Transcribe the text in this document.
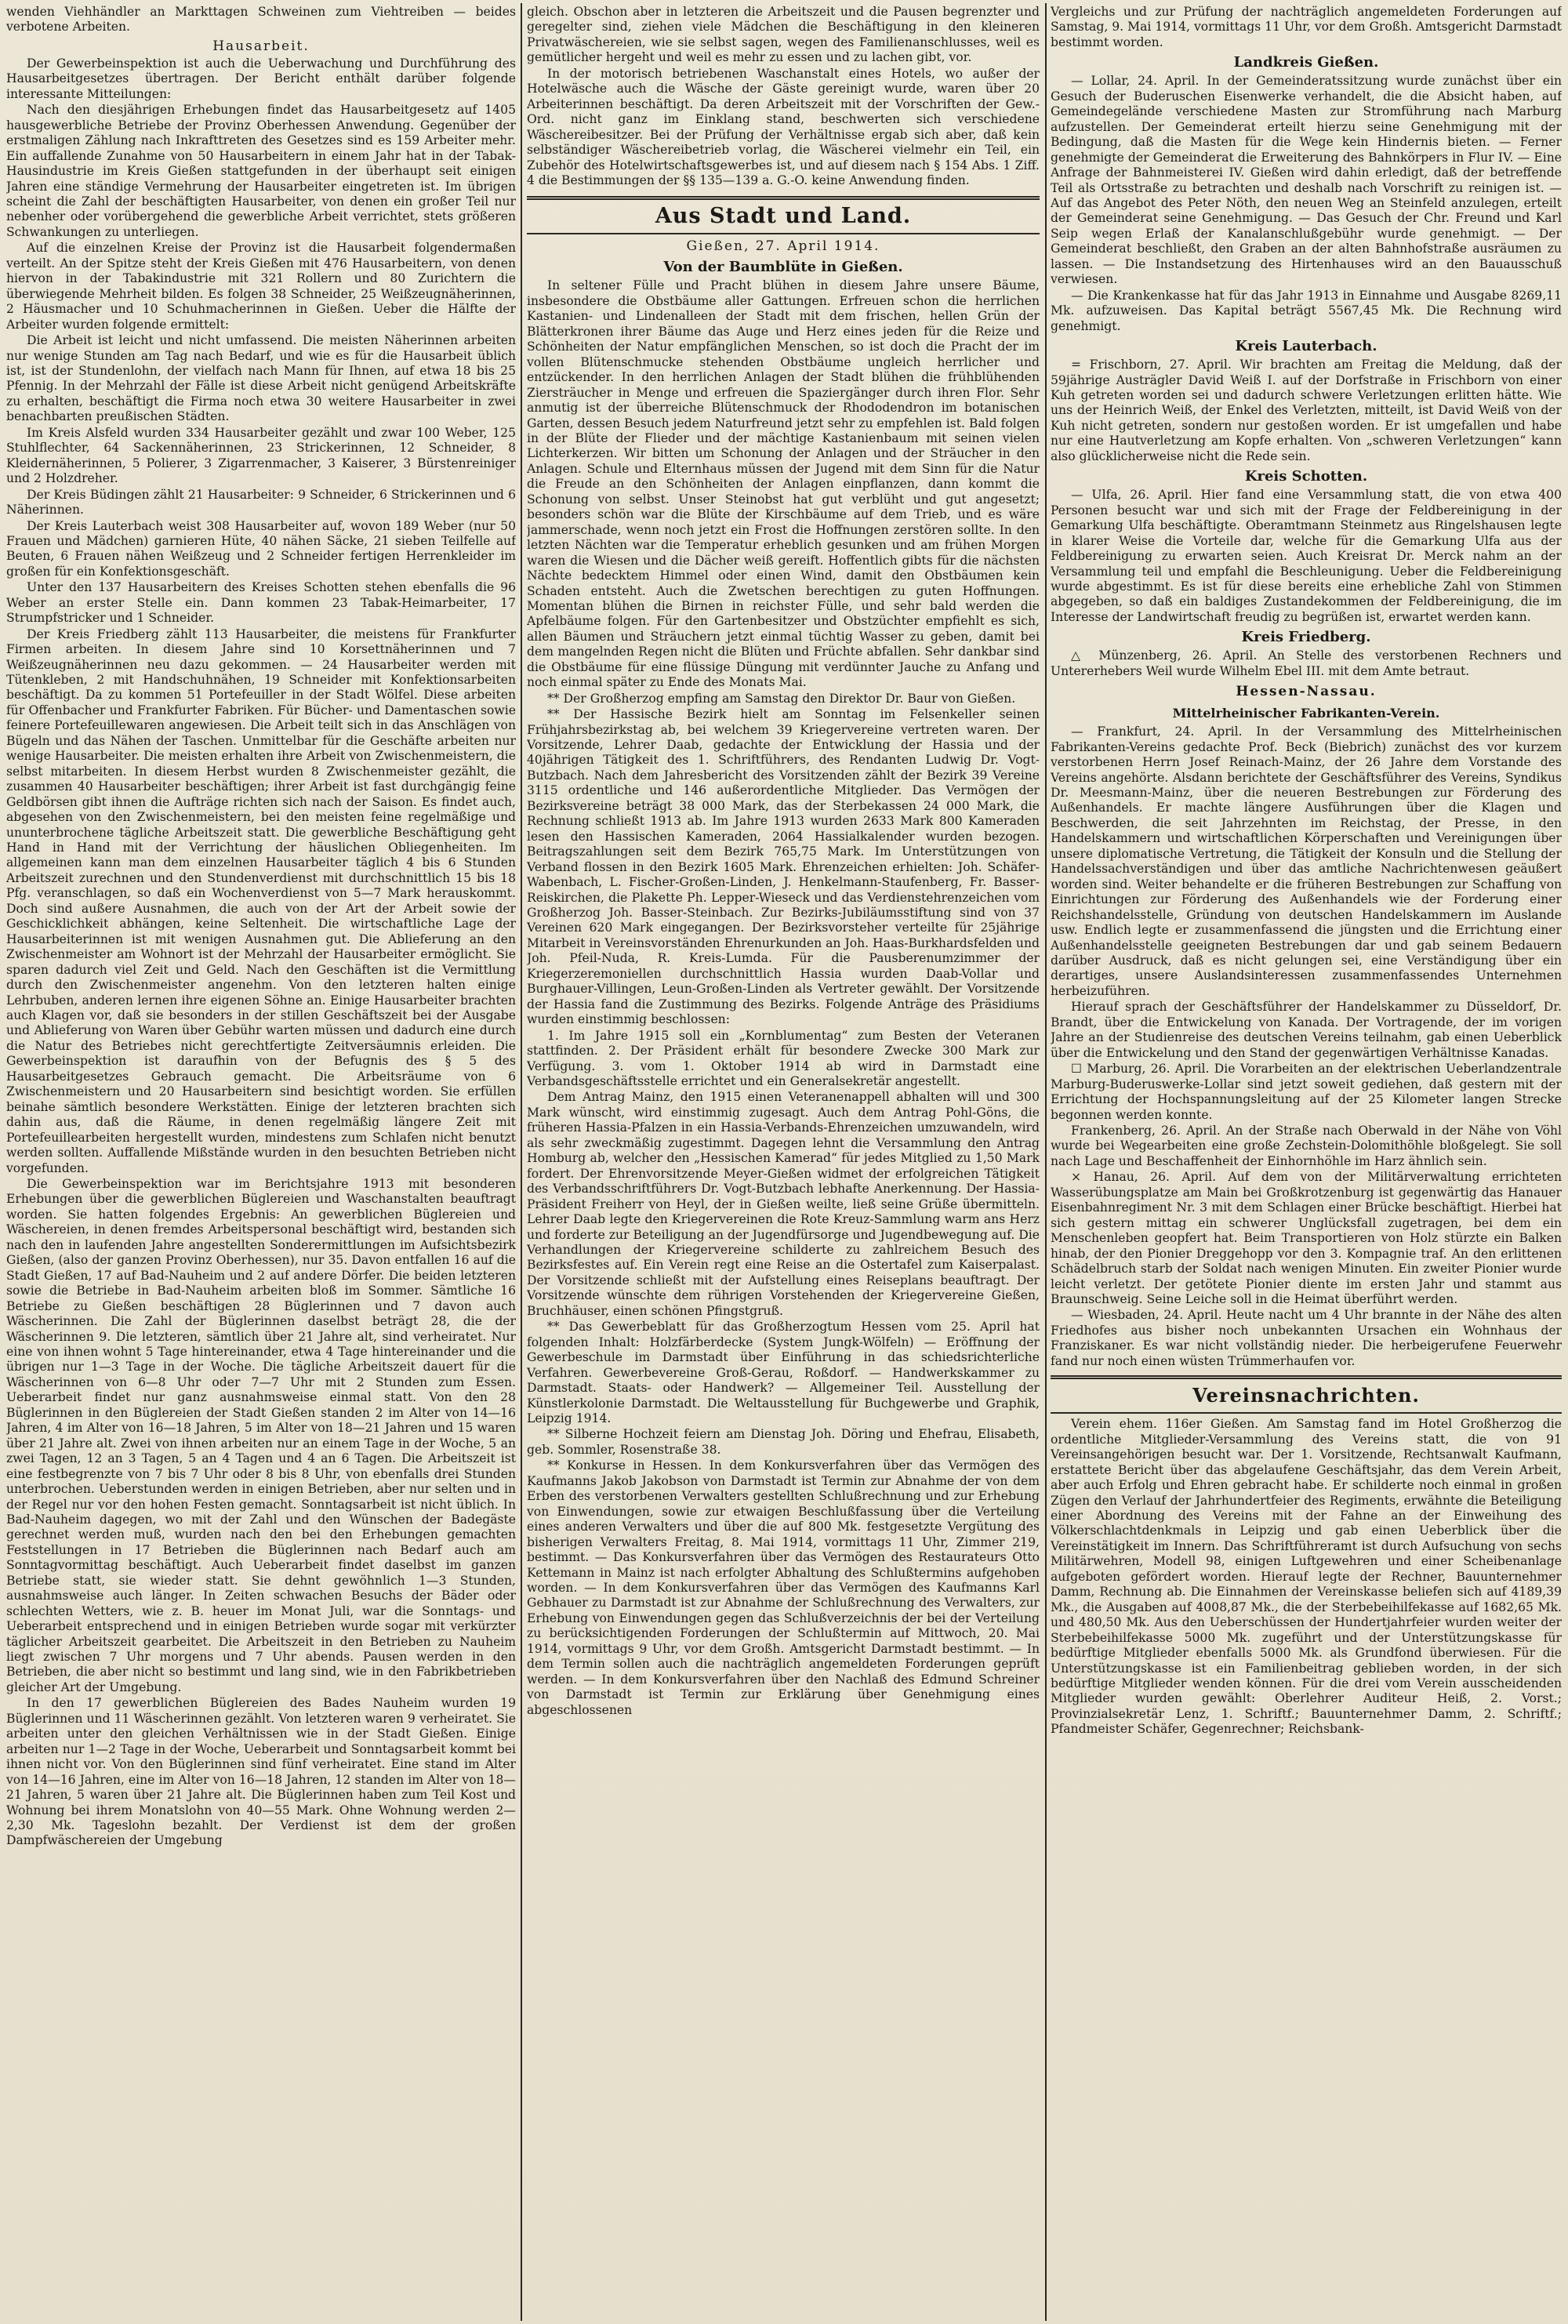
wenden Viehhändler an Markttagen Schweinen zum Viehtreiben — beides verbotene Arbeiten.

Hausarbeit.

Der Gewerbeinspektion ist auch die Ueberwachung und Durchführung des Hausarbeitgesetzes übertragen. Der Bericht enthält darüber folgende interessante Mitteilungen:

Nach den diesjährigen Erhebungen findet das Hausarbeitgesetz auf 1405 hausgewerbliche Betriebe der Provinz Oberhessen Anwendung. Gegenüber der erstmaligen Zählung nach Inkrafttreten des Gesetzes sind es 159 Arbeiter mehr. Ein auffallende Zunahme von 50 Hausarbeitern in einem Jahr hat in der Tabak-Hausindustrie im Kreis Gießen stattgefunden in der überhaupt seit einigen Jahren eine ständige Vermehrung der Hausarbeiter eingetreten ist. Im übrigen scheint die Zahl der beschäftigten Hausarbeiter, von denen ein großer Teil nur nebenher oder vorübergehend die gewerbliche Arbeit verrichtet, stets größeren Schwankungen zu unterliegen.

Auf die einzelnen Kreise der Provinz ist die Hausarbeit folgendermaßen verteilt. An der Spitze steht der Kreis Gießen mit 476 Hausarbeitern, von denen hiervon in der Tabakindustrie mit 321 Rollern und 80 Zurichtern die überwiegende Mehrheit bilden. Es folgen 38 Schneider, 25 Weißzeugnäherinnen, 2 Häusmacher und 10 Schuhmacherinnen in Gießen. Ueber die Hälfte der Arbeiter wurden folgende ermittelt:

Die Arbeit ist leicht und nicht umfassend. Die meisten Näherinnen arbeiten nur wenige Stunden am Tag nach Bedarf, und wie es für die Hausarbeit üblich ist, ist der Stundenlohn, der vielfach nach Mann für Ihnen, auf etwa 18 bis 25 Pfennig. In der Mehrzahl der Fälle ist diese Arbeit nicht genügend Arbeitskräfte zu erhalten, beschäftigt die Firma noch etwa 30 weitere Hausarbeiter in zwei benachbarten preußischen Städten.

Im Kreis Alsfeld wurden 334 Hausarbeiter gezählt und zwar 100 Weber, 125 Stuhlflechter, 64 Sackennäherinnen, 23 Strickerinnen, 12 Schneider, 8 Kleidernäherinnen, 5 Polierer, 3 Zigarrenmacher, 3 Kaiserer, 3 Bürstenreiniger und 2 Holzdreher.

Der Kreis Büdingen zählt 21 Hausarbeiter: 9 Schneider, 6 Strickerinnen und 6 Näherinnen.

Der Kreis Lauterbach weist 308 Hausarbeiter auf, wovon 189 Weber (nur 50 Frauen und Mädchen) garnieren Hüte, 40 nähen Säcke, 21 sieben Teilfelle auf Beuten, 6 Frauen nähen Weißzeug und 2 Schneider fertigen Herrenkleider im großen für ein Konfektionsgeschäft.

Unter den 137 Hausarbeitern des Kreises Schotten stehen ebenfalls die 96 Weber an erster Stelle ein. Dann kommen 23 Tabak-Heimarbeiter, 17 Strumpfstricker und 1 Schneider.

Der Kreis Friedberg zählt 113 Hausarbeiter, die meistens für Frankfurter Firmen arbeiten. In diesem Jahre sind 10 Korsettnäherinnen und 7 Weißzeugnäherinnen neu dazu gekommen. — 24 Hausarbeiter werden mit Tütenkleben, 2 mit Handschuhnähen, 19 Schneider mit Konfektionsarbeiten beschäftigt. Da zu kommen 51 Portefeuiller in der Stadt Wölfel. Diese arbeiten für Offenbacher und Frankfurter Fabriken. Für Bücher- und Damentaschen sowie feinere Portefeuillewaren angewiesen. Die Arbeit teilt sich in das Anschlägen von Bügeln und das Nähen der Taschen. Unmittelbar für die Geschäfte arbeiten nur wenige Hausarbeiter. Die meisten erhalten ihre Arbeit von Zwischenmeistern, die selbst mitarbeiten. In diesem Herbst wurden 8 Zwischenmeister gezählt, die zusammen 40 Hausarbeiter beschäftigen; ihrer Arbeit ist fast durchgängig feine Geldbörsen gibt ihnen die Aufträge richten sich nach der Saison. Es findet auch, abgesehen von den Zwischenmeistern, bei den meisten feine regelmäßige und ununterbrochene tägliche Arbeitszeit statt. Die gewerbliche Beschäftigung geht Hand in Hand mit der Verrichtung der häuslichen Obliegenheiten. Im allgemeinen kann man dem einzelnen Hausarbeiter täglich 4 bis 6 Stunden Arbeitszeit zurechnen und den Stundenverdienst mit durchschnittlich 15 bis 18 Pfg. veranschlagen, so daß ein Wochenverdienst von 5—7 Mark herauskommt. Doch sind außere Ausnahmen, die auch von der Art der Arbeit sowie der Geschicklichkeit abhängen, keine Seltenheit. Die wirtschaftliche Lage der Hausarbeiterinnen ist mit wenigen Ausnahmen gut. Die Ablieferung an den Zwischenmeister am Wohnort ist der Mehrzahl der Hausarbeiter ermöglicht. Sie sparen dadurch viel Zeit und Geld. Nach den Geschäften ist die Vermittlung durch den Zwischenmeister angenehm. Von den letzteren halten einige Lehrbuben, anderen lernen ihre eigenen Söhne an. Einige Hausarbeiter brachten auch Klagen vor, daß sie besonders in der stillen Geschäftszeit bei der Ausgabe und Ablieferung von Waren über Gebühr warten müssen und dadurch eine durch die Natur des Betriebes nicht gerechtfertigte Zeitversäumnis erleiden. Die Gewerbeinspektion ist daraufhin von der Befugnis des § 5 des Hausarbeitgesetzes Gebrauch gemacht. Die Arbeitsräume von 6 Zwischenmeistern und 20 Hausarbeitern sind besichtigt worden. Sie erfüllen beinahe sämtlich besondere Werkstätten. Einige der letzteren brachten sich dahin aus, daß die Räume, in denen regelmäßig längere Zeit mit Portefeuillearbeiten hergestellt wurden, mindestens zum Schlafen nicht benutzt werden sollten. Auffallende Mißstände wurden in den besuchten Betrieben nicht vorgefunden.

Die Gewerbeinspektion war im Berichtsjahre 1913 mit besonderen Erhebungen über die gewerblichen Büglereien und Waschanstalten beauftragt worden. Sie hatten folgendes Ergebnis: An gewerblichen Büglereien und Wäschereien, in denen fremdes Arbeitspersonal beschäftigt wird, bestanden sich nach den in laufenden Jahre angestellten Sonderermittlungen im Aufsichtsbezirk Gießen, (also der ganzen Provinz Oberhessen), nur 35. Davon entfallen 16 auf die Stadt Gießen, 17 auf Bad-Nauheim und 2 auf andere Dörfer. Die beiden letzteren sowie die Betriebe in Bad-Nauheim arbeiten bloß im Sommer. Sämtliche 16 Betriebe zu Gießen beschäftigen 28 Büglerinnen und 7 davon auch Wäscherinnen. Die Zahl der Büglerinnen daselbst beträgt 28, die der Wäscherinnen 9. Die letzteren, sämtlich über 21 Jahre alt, sind verheiratet. Nur eine von ihnen wohnt 5 Tage hintereinander, etwa 4 Tage hintereinander und die übrigen nur 1—3 Tage in der Woche. Die tägliche Arbeitszeit dauert für die Wäscherinnen von 6—8 Uhr oder 7—7 Uhr mit 2 Stunden zum Essen. Ueberarbeit findet nur ganz ausnahmsweise einmal statt. Von den 28 Büglerinnen in den Büglereien der Stadt Gießen standen 2 im Alter von 14—16 Jahren, 4 im Alter von 16—18 Jahren, 5 im Alter von 18—21 Jahren und 15 waren über 21 Jahre alt. Zwei von ihnen arbeiten nur an einem Tage in der Woche, 5 an zwei Tagen, 12 an 3 Tagen, 5 an 4 Tagen und 4 an 6 Tagen. Die Arbeitszeit ist eine festbegrenzte von 7 bis 7 Uhr oder 8 bis 8 Uhr, von ebenfalls drei Stunden unterbrochen. Ueberstunden werden in einigen Betrieben, aber nur selten und in der Regel nur vor den hohen Festen gemacht. Sonntagsarbeit ist nicht üblich. In Bad-Nauheim dagegen, wo mit der Zahl und den Wünschen der Badegäste gerechnet werden muß, wurden nach den bei den Erhebungen gemachten Feststellungen in 17 Betrieben die Büglerinnen nach Bedarf auch am Sonntagvormittag beschäftigt. Auch Ueberarbeit findet daselbst im ganzen Betriebe statt, sie wieder statt. Sie dehnt gewöhnlich 1—3 Stunden, ausnahmsweise auch länger. In Zeiten schwachen Besuchs der Bäder oder schlechten Wetters, wie z. B. heuer im Monat Juli, war die Sonntags- und Ueberarbeit entsprechend und in einigen Betrieben wurde sogar mit verkürzter täglicher Arbeitszeit gearbeitet. Die Arbeitszeit in den Betrieben zu Nauheim liegt zwischen 7 Uhr morgens und 7 Uhr abends. Pausen werden in den Betrieben, die aber nicht so bestimmt und lang sind, wie in den Fabrikbetrieben gleicher Art der Umgebung.

In den 17 gewerblichen Büglereien des Bades Nauheim wurden 19 Büglerinnen und 11 Wäscherinnen gezählt. Von letzteren waren 9 verheiratet. Sie arbeiten unter den gleichen Verhältnissen wie in der Stadt Gießen. Einige arbeiten nur 1—2 Tage in der Woche, Ueberarbeit und Sonntagsarbeit kommt bei ihnen nicht vor. Von den Büglerinnen sind fünf verheiratet. Eine stand im Alter von 14—16 Jahren, eine im Alter von 16—18 Jahren, 12 standen im Alter von 18—21 Jahren, 5 waren über 21 Jahre alt. Die Büglerinnen haben zum Teil Kost und Wohnung bei ihrem Monatslohn von 40—55 Mark. Ohne Wohnung werden 2—2,30 Mk. Tageslohn bezahlt. Der Verdienst ist dem der großen Dampfwäschereien der Umgebung

gleich. Obschon aber in letzteren die Arbeitszeit und die Pausen begrenzter und geregelter sind, ziehen viele Mädchen die Beschäftigung in den kleineren Privatwäschereien, wie sie selbst sagen, wegen des Familienanschlusses, weil es gemütlicher hergeht und weil es mehr zu essen und zu lachen gibt, vor.

In der motorisch betriebenen Waschanstalt eines Hotels, wo außer der Hotelwäsche auch die Wäsche der Gäste gereinigt wurde, waren über 20 Arbeiterinnen beschäftigt. Da deren Arbeitszeit mit der Vorschriften der Gew.-Ord. nicht ganz im Einklang stand, beschwerten sich verschiedene Wäschereibesitzer. Bei der Prüfung der Verhältnisse ergab sich aber, daß kein selbständiger Wäschereibetrieb vorlag, die Wäscherei vielmehr ein Teil, ein Zubehör des Hotelwirtschaftsgewerbes ist, und auf diesem nach § 154 Abs. 1 Ziff. 4 die Bestimmungen der §§ 135—139 a. G.-O. keine Anwendung finden.

Aus Stadt und Land.
Gießen, 27. April 1914.
Von der Baumblüte in Gießen.

In seltener Fülle und Pracht blühen in diesem Jahre unsere Bäume, insbesondere die Obstbäume aller Gattungen. Erfreuen schon die herrlichen Kastanien- und Lindenalleen der Stadt mit dem frischen, hellen Grün der Blätterkronen ihrer Bäume das Auge und Herz eines jeden für die Reize und Schönheiten der Natur empfänglichen Menschen, so ist doch die Pracht der im vollen Blütenschmucke stehenden Obstbäume ungleich herrlicher und entzückender. In den herrlichen Anlagen der Stadt blühen die frühblühenden Ziersträucher in Menge und erfreuen die Spaziergänger durch ihren Flor. Sehr anmutig ist der überreiche Blütenschmuck der Rhododendron im botanischen Garten, dessen Besuch jedem Naturfreund jetzt sehr zu empfehlen ist. Bald folgen in der Blüte der Flieder und der mächtige Kastanienbaum mit seinen vielen Lichterkerzen. Wir bitten um Schonung der Anlagen und der Sträucher in den Anlagen. Schule und Elternhaus müssen der Jugend mit dem Sinn für die Natur die Freude an den Schönheiten der Anlagen einpflanzen, dann kommt die Schonung von selbst. Unser Steinobst hat gut verblüht und gut angesetzt; besonders schön war die Blüte der Kirschbäume auf dem Trieb, und es wäre jammerschade, wenn noch jetzt ein Frost die Hoffnungen zerstören sollte. In den letzten Nächten war die Temperatur erheblich gesunken und am frühen Morgen waren die Wiesen und die Dächer weiß gereift. Hoffentlich gibts für die nächsten Nächte bedecktem Himmel oder einen Wind, damit den Obstbäumen kein Schaden entsteht. Auch die Zwetschen berechtigen zu guten Hoffnungen. Momentan blühen die Birnen in reichster Fülle, und sehr bald werden die Apfelbäume folgen. Für den Gartenbesitzer und Obstzüchter empfiehlt es sich, allen Bäumen und Sträuchern jetzt einmal tüchtig Wasser zu geben, damit bei dem mangelnden Regen nicht die Blüten und Früchte abfallen. Sehr dankbar sind die Obstbäume für eine flüssige Düngung mit verdünnter Jauche zu Anfang und noch einmal später zu Ende des Monats Mai.

** Der Großherzog empfing am Samstag den Direktor Dr. Baur von Gießen.

** Der Hassische Bezirk hielt am Sonntag im Felsenkeller seinen Frühjahrsbezirkstag ab, bei welchem 39 Kriegervereine vertreten waren. Der Vorsitzende, Lehrer Daab, gedachte der Entwicklung der Hassia und der 40jährigen Tätigkeit des 1. Schriftführers, des Rendanten Ludwig Dr. Vogt-Butzbach. Nach dem Jahresbericht des Vorsitzenden zählt der Bezirk 39 Vereine 3115 ordentliche und 146 außerordentliche Mitglieder. Das Vermögen der Bezirksvereine beträgt 38 000 Mark, das der Sterbekassen 24 000 Mark, die Rechnung schließt 1913 ab. Im Jahre 1913 wurden 2633 Mark 800 Kameraden lesen den Hassischen Kameraden, 2064 Hassialkalender wurden bezogen. Beitragszahlungen seit dem Bezirk 765,75 Mark. Im Unterstützungen von Verband flossen in den Bezirk 1605 Mark. Ehrenzeichen erhielten: Joh. Schäfer-Wabenbach, L. Fischer-Großen-Linden, J. Henkelmann-Staufenberg, Fr. Basser-Reiskirchen, die Plakette Ph. Lepper-Wieseck und das Verdienstehrenzeichen vom Großherzog Joh. Basser-Steinbach. Zur Bezirks-Jubiläumsstiftung sind von 37 Vereinen 620 Mark eingegangen. Der Bezirksvorsteher verteilte für 25jährige Mitarbeit in Vereinsvorständen Ehrenurkunden an Joh. Haas-Burkhardsfelden und Joh. Pfeil-Nuda, R. Kreis-Lumda. Für die Pausberenumzimmer der Kriegerzeremoniellen durchschnittlich Hassia wurden Daab-Vollar und Burghauer-Villingen, Leun-Großen-Linden als Vertreter gewählt. Der Vorsitzende der Hassia fand die Zustimmung des Bezirks. Folgende Anträge des Präsidiums wurden einstimmig beschlossen:

1. Im Jahre 1915 soll ein „Kornblumentag“ zum Besten der Veteranen stattfinden. 2. Der Präsident erhält für besondere Zwecke 300 Mark zur Verfügung. 3. vom 1. Oktober 1914 ab wird in Darmstadt eine Verbandsgeschäftsstelle errichtet und ein Generalsekretär angestellt.

Dem Antrag Mainz, den 1915 einen Veteranenappell abhalten will und 300 Mark wünscht, wird einstimmig zugesagt. Auch dem Antrag Pohl-Göns, die früheren Hassia-Pfalzen in ein Hassia-Verbands-Ehrenzeichen umzuwandeln, wird als sehr zweckmäßig zugestimmt. Dagegen lehnt die Versammlung den Antrag Homburg ab, welcher den „Hessischen Kamerad“ für jedes Mitglied zu 1,50 Mark fordert. Der Ehrenvorsitzende Meyer-Gießen widmet der erfolgreichen Tätigkeit des Verbandsschriftführers Dr. Vogt-Butzbach lebhafte Anerkennung. Der Hassia-Präsident Freiherr von Heyl, der in Gießen weilte, ließ seine Grüße übermitteln. Lehrer Daab legte den Kriegervereinen die Rote Kreuz-Sammlung warm ans Herz und forderte zur Beteiligung an der Jugendfürsorge und Jugendbewegung auf. Die Verhandlungen der Kriegervereine schilderte zu zahlreichem Besuch des Bezirksfestes auf. Ein Verein regt eine Reise an die Ostertafel zum Kaiserpalast. Der Vorsitzende schließt mit der Aufstellung eines Reiseplans beauftragt. Der Vorsitzende wünschte dem rührigen Vorstehenden der Kriegervereine Gießen, Bruchhäuser, einen schönen Pfingstgruß.

** Das Gewerbeblatt für das Großherzogtum Hessen vom 25. April hat folgenden Inhalt: Holzfärberdecke (System Jungk-Wölfeln) — Eröffnung der Gewerbeschule im Darmstadt über Einführung in das schiedsrichterliche Verfahren. Gewerbevereine Groß-Gerau, Roßdorf. — Handwerkskammer zu Darmstadt. Staats- oder Handwerk? — Allgemeiner Teil. Ausstellung der Künstlerkolonie Darmstadt. Die Weltausstellung für Buchgewerbe und Graphik, Leipzig 1914.

** Silberne Hochzeit feiern am Dienstag Joh. Döring und Ehefrau, Elisabeth, geb. Sommler, Rosenstraße 38.

** Konkurse in Hessen. In dem Konkursverfahren über das Vermögen des Kaufmanns Jakob Jakobson von Darmstadt ist Termin zur Abnahme der von dem Erben des verstorbenen Verwalters gestellten Schlußrechnung und zur Erhebung von Einwendungen, sowie zur etwaigen Beschlußfassung über die Verteilung eines anderen Verwalters und über die auf 800 Mk. festgesetzte Vergütung des bisherigen Verwalters Freitag, 8. Mai 1914, vormittags 11 Uhr, Zimmer 219, bestimmt. — Das Konkursverfahren über das Vermögen des Restaurateurs Otto Kettemann in Mainz ist nach erfolgter Abhaltung des Schlußtermins aufgehoben worden. — In dem Konkursverfahren über das Vermögen des Kaufmanns Karl Gebhauer zu Darmstadt ist zur Abnahme der Schlußrechnung des Verwalters, zur Erhebung von Einwendungen gegen das Schlußverzeichnis der bei der Verteilung zu berücksichtigenden Forderungen der Schlußtermin auf Mittwoch, 20. Mai 1914, vormittags 9 Uhr, vor dem Großh. Amtsgericht Darmstadt bestimmt. — In dem Termin sollen auch die nachträglich angemeldeten Forderungen geprüft werden. — In dem Konkursverfahren über den Nachlaß des Edmund Schreiner von Darmstadt ist Termin zur Erklärung über Genehmigung eines abgeschlossenen

Vergleichs und zur Prüfung der nachträglich angemeldeten Forderungen auf Samstag, 9. Mai 1914, vormittags 11 Uhr, vor dem Großh. Amtsgericht Darmstadt bestimmt worden.

Landkreis Gießen.

— Lollar, 24. April. In der Gemeinderatssitzung wurde zunächst über ein Gesuch der Buderuschen Eisenwerke verhandelt, die die Absicht haben, auf Gemeindegelände verschiedene Masten zur Stromführung nach Marburg aufzustellen. Der Gemeinderat erteilt hierzu seine Genehmigung mit der Bedingung, daß die Masten für die Wege kein Hindernis bieten. — Ferner genehmigte der Gemeinderat die Erweiterung des Bahnkörpers in Flur IV. — Eine Anfrage der Bahnmeisterei IV. Gießen wird dahin erledigt, daß der betreffende Teil als Ortsstraße zu betrachten und deshalb nach Vorschrift zu reinigen ist. — Auf das Angebot des Peter Nöth, den neuen Weg an Steinfeld anzulegen, erteilt der Gemeinderat seine Genehmigung. — Das Gesuch der Chr. Freund und Karl Seip wegen Erlaß der Kanalanschlußgebühr wurde genehmigt. — Der Gemeinderat beschließt, den Graben an der alten Bahnhofstraße ausräumen zu lassen. — Die Instandsetzung des Hirtenhauses wird an den Bauausschuß verwiesen.

— Die Krankenkasse hat für das Jahr 1913 in Einnahme und Ausgabe 8269,11 Mk. aufzuweisen. Das Kapital beträgt 5567,45 Mk. Die Rechnung wird genehmigt.

Kreis Lauterbach.

= Frischborn, 27. April. Wir brachten am Freitag die Meldung, daß der 59jährige Austrägler David Weiß I. auf der Dorfstraße in Frischborn von einer Kuh getreten worden sei und dadurch schwere Verletzungen erlitten hätte. Wie uns der Heinrich Weiß, der Enkel des Verletzten, mitteilt, ist David Weiß von der Kuh nicht getreten, sondern nur gestoßen worden. Er ist umgefallen und habe nur eine Hautverletzung am Kopfe erhalten. Von „schweren Verletzungen“ kann also glücklicherweise nicht die Rede sein.

Kreis Schotten.

— Ulfa, 26. April. Hier fand eine Versammlung statt, die von etwa 400 Personen besucht war und sich mit der Frage der Feldbereinigung in der Gemarkung Ulfa beschäftigte. Oberamtmann Steinmetz aus Ringelshausen legte in klarer Weise die Vorteile dar, welche für die Gemarkung Ulfa aus der Feldbereinigung zu erwarten seien. Auch Kreisrat Dr. Merck nahm an der Versammlung teil und empfahl die Beschleunigung. Ueber die Feldbereinigung wurde abgestimmt. Es ist für diese bereits eine erhebliche Zahl von Stimmen abgegeben, so daß ein baldiges Zustandekommen der Feldbereinigung, die im Interesse der Landwirtschaft freudig zu begrüßen ist, erwartet werden kann.

Kreis Friedberg.

△ Münzenberg, 26. April. An Stelle des verstorbenen Rechners und Untererhebers Weil wurde Wilhelm Ebel III. mit dem Amte betraut.

Hessen-Nassau.
Mittelrheinischer Fabrikanten-Verein.

— Frankfurt, 24. April. In der Versammlung des Mittelrheinischen Fabrikanten-Vereins gedachte Prof. Beck (Biebrich) zunächst des vor kurzem verstorbenen Herrn Josef Reinach-Mainz, der 26 Jahre dem Vorstande des Vereins angehörte. Alsdann berichtete der Geschäftsführer des Vereins, Syndikus Dr. Meesmann-Mainz, über die neueren Bestrebungen zur Förderung des Außenhandels. Er machte längere Ausführungen über die Klagen und Beschwerden, die seit Jahrzehnten im Reichstag, der Presse, in den Handelskammern und wirtschaftlichen Körperschaften und Vereinigungen über unsere diplomatische Vertretung, die Tätigkeit der Konsuln und die Stellung der Handelssachverständigen und über das amtliche Nachrichtenwesen geäußert worden sind. Weiter behandelte er die früheren Bestrebungen zur Schaffung von Einrichtungen zur Förderung des Außenhandels wie der Forderung einer Reichshandelsstelle, Gründung von deutschen Handelskammern im Auslande usw. Endlich legte er zusammenfassend die jüngsten und die Errichtung einer Außenhandelsstelle geeigneten Bestrebungen dar und gab seinem Bedauern darüber Ausdruck, daß es nicht gelungen sei, eine Verständigung über ein derartiges, unsere Auslandsinteressen zusammenfassendes Unternehmen herbeizuführen.

Hierauf sprach der Geschäftsführer der Handelskammer zu Düsseldorf, Dr. Brandt, über die Entwickelung von Kanada. Der Vortragende, der im vorigen Jahre an der Studienreise des deutschen Vereins teilnahm, gab einen Ueberblick über die Entwickelung und den Stand der gegenwärtigen Verhältnisse Kanadas.

☐ Marburg, 26. April. Die Vorarbeiten an der elektrischen Ueberlandzentrale Marburg-Buderuswerke-Lollar sind jetzt soweit gediehen, daß gestern mit der Errichtung der Hochspannungsleitung auf der 25 Kilometer langen Strecke begonnen werden konnte.

Frankenberg, 26. April. An der Straße nach Oberwald in der Nähe von Vöhl wurde bei Wegearbeiten eine große Zechstein-Dolomithöhle bloßgelegt. Sie soll nach Lage und Beschaffenheit der Einhornhöhle im Harz ähnlich sein.

× Hanau, 26. April. Auf dem von der Militärverwaltung errichteten Wasserübungsplatze am Main bei Großkrotzenburg ist gegenwärtig das Hanauer Eisenbahnregiment Nr. 3 mit dem Schlagen einer Brücke beschäftigt. Hierbei hat sich gestern mittag ein schwerer Unglücksfall zugetragen, bei dem ein Menschenleben geopfert hat. Beim Transportieren von Holz stürzte ein Balken hinab, der den Pionier Dreggehopp vor den 3. Kompagnie traf. An den erlittenen Schädelbruch starb der Soldat nach wenigen Minuten. Ein zweiter Pionier wurde leicht verletzt. Der getötete Pionier diente im ersten Jahr und stammt aus Braunschweig. Seine Leiche soll in die Heimat überführt werden.

— Wiesbaden, 24. April. Heute nacht um 4 Uhr brannte in der Nähe des alten Friedhofes aus bisher noch unbekannten Ursachen ein Wohnhaus der Franziskaner. Es war nicht vollständig nieder. Die herbeigerufene Feuerwehr fand nur noch einen wüsten Trümmerhaufen vor.

Vereinsnachrichten.

Verein ehem. 116er Gießen. Am Samstag fand im Hotel Großherzog die ordentliche Mitglieder-Versammlung des Vereins statt, die von 91 Vereinsangehörigen besucht war. Der 1. Vorsitzende, Rechtsanwalt Kaufmann, erstattete Bericht über das abgelaufene Geschäftsjahr, das dem Verein Arbeit, aber auch Erfolg und Ehren gebracht habe. Er schilderte noch einmal in großen Zügen den Verlauf der Jahrhundertfeier des Regiments, erwähnte die Beteiligung einer Abordnung des Vereins mit der Fahne an der Einweihung des Völkerschlachtdenkmals in Leipzig und gab einen Ueberblick über die Vereinstätigkeit im Innern. Das Schriftführeramt ist durch Aufsuchung von sechs Militärwehren, Modell 98, einigen Luftgewehren und einer Scheibenanlage aufgeboten gefördert worden. Hierauf legte der Rechner, Bauunternehmer Damm, Rechnung ab. Die Einnahmen der Vereinskasse beliefen sich auf 4189,39 Mk., die Ausgaben auf 4008,87 Mk., die der Sterbebeihilfekasse auf 1682,65 Mk. und 480,50 Mk. Aus den Ueberschüssen der Hundertjahrfeier wurden weiter der Sterbebeihilfekasse 5000 Mk. zugeführt und der Unterstützungskasse für bedürftige Mitglieder ebenfalls 5000 Mk. als Grundfond überwiesen. Für die Unterstützungskasse ist ein Familienbeitrag geblieben worden, in der sich bedürftige Mitglieder wenden können. Für die drei vom Verein ausscheidenden Mitglieder wurden gewählt: Oberlehrer Auditeur Heiß, 2. Vorst.; Provinzialsekretär Lenz, 1. Schriftf.; Bauunternehmer Damm, 2. Schriftf.; Pfandmeister Schäfer, Gegenrechner; Reichsbank-
